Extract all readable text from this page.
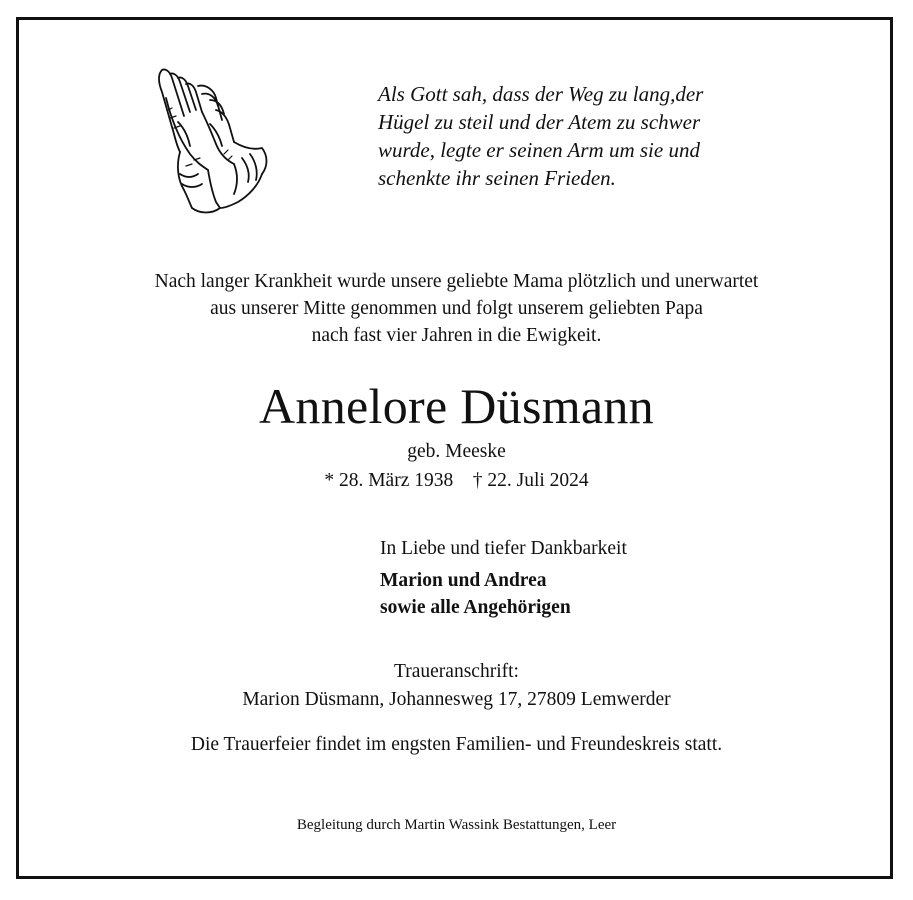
Als Gott sah, dass der Weg zu lang,der
Hügel zu steil und der Atem zu schwer
wurde, legte er seinen Arm um sie und
schenkte ihr seinen Frieden.
Nach langer Krankheit wurde unsere geliebte Mama plötzlich und unerwartet
aus unserer Mitte genommen und folgt unserem geliebten Papa
nach fast vier Jahren in die Ewigkeit.
Annelore Düsmann
geb. Meeske
* 28. März 1938 † 22. Juli 2024
In Liebe und tiefer Dankbarkeit
Marion und Andrea
sowie alle Angehörigen
Traueranschrift:
Marion Düsmann, Johannesweg 17, 27809 Lemwerder
Die Trauerfeier findet im engsten Familien- und Freundeskreis statt.
Begleitung durch Martin Wassink Bestattungen, Leer
